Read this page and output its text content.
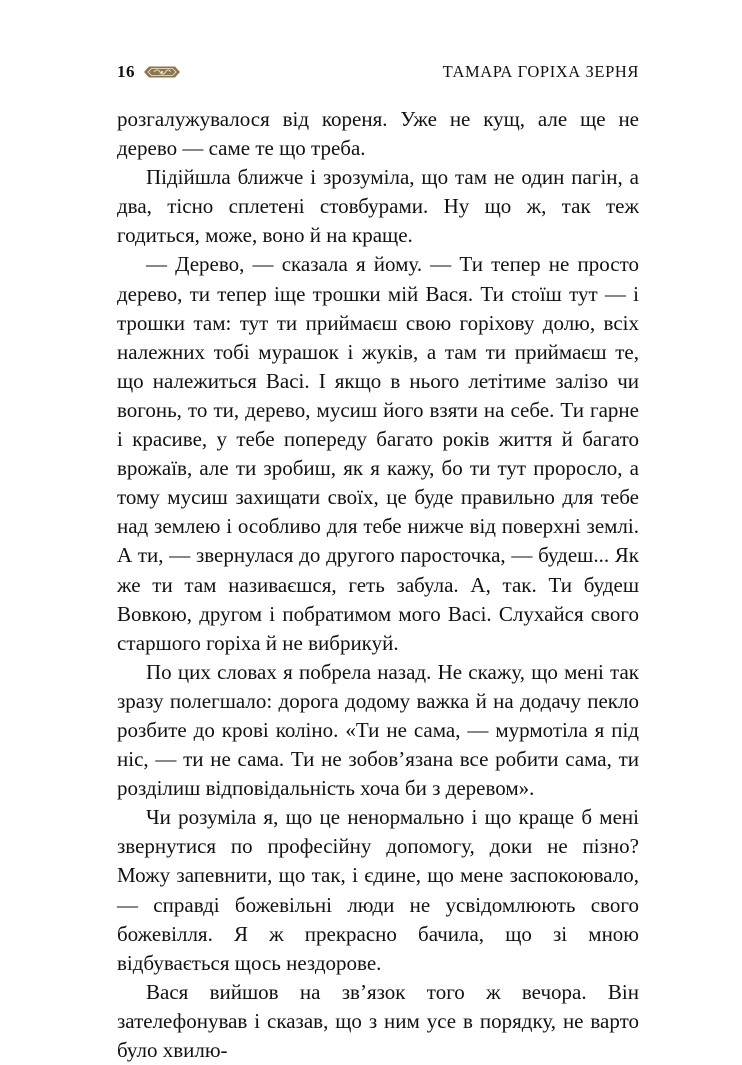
16	ТАМАРА ГОРІХА ЗЕРНЯ

розгалужувалося від кореня. Уже не кущ, але ще не дерево — саме те що треба.

Підійшла ближче і зрозуміла, що там не один пагін, а два, тісно сплетені стовбурами. Ну що ж, так теж годиться, може, воно й на краще.

— Дерево, — сказала я йому. — Ти тепер не просто дерево, ти тепер іще трошки мій Вася. Ти стоїш тут — і трошки там: тут ти приймаєш свою горіхову долю, всіх належних тобі мурашок і жуків, а там ти приймаєш те, що належиться Васі. І якщо в нього летітиме залізо чи вогонь, то ти, дерево, мусиш його взяти на себе. Ти гарне і красиве, у тебе попереду багато років життя й багато врожаїв, але ти зробиш, як я кажу, бо ти тут проросло, а тому мусиш захищати своїх, це буде правильно для тебе над землею і особливо для тебе нижче від поверхні землі. А ти, — звернулася до другого паросточка, — будеш... Як же ти там називаєшся, геть забула. А, так. Ти будеш Вовкою, другом і побратимом мого Васі. Слухайся свого старшого горіха й не вибрикуй.

По цих словах я побрела назад. Не скажу, що мені так зразу полегшало: дорога додому важка й на додачу пекло розбите до крові коліно. «Ти не сама, — мурмотіла я під ніс, — ти не сама. Ти не зобов’язана все робити сама, ти розділиш відповідальність хоча би з деревом».

Чи розуміла я, що це ненормально і що краще б мені звернутися по професійну допомогу, доки не пізно? Можу запевнити, що так, і єдине, що мене заспокоювало, — справді божевільні люди не усвідомлюють свого божевілля. Я ж прекрасно бачила, що зі мною відбувається щось нездорове.

Вася вийшов на зв’язок того ж вечора. Він зателефонував і сказав, що з ним усе в порядку, не варто було хвилю-
